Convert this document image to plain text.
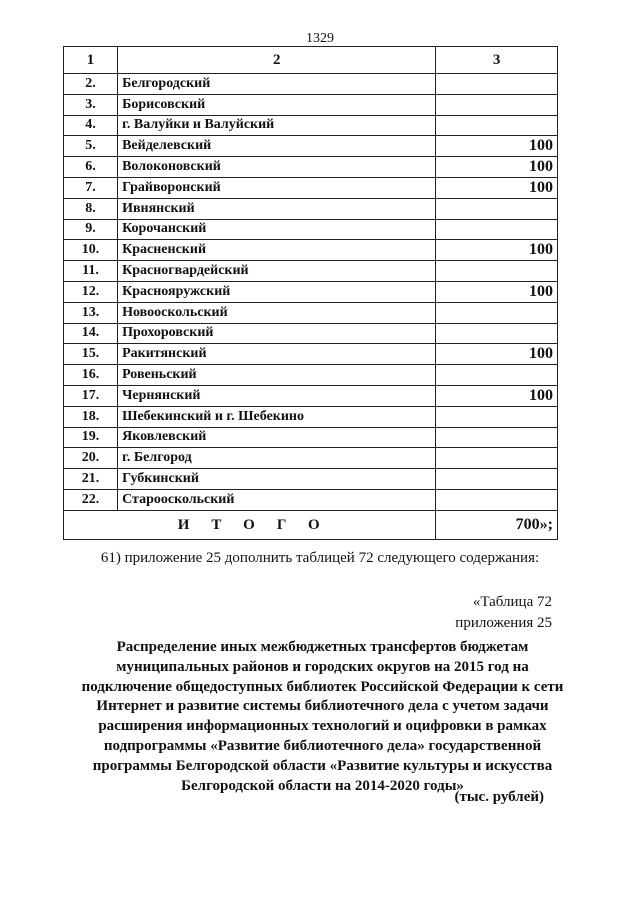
1329
1	2	3
2.	Белгородский	
3.	Борисовский	
4.	г. Валуйки и Валуйский	
5.	Вейделевский	100
6.	Волоконовский	100
7.	Грайворонский	100
8.	Ивнянский	
9.	Корочанский	
10.	Красненский	100
11.	Красногвардейский	
12.	Краснояружский	100
13.	Новооскольский	
14.	Прохоровский	
15.	Ракитянский	100
16.	Ровеньский	
17.	Чернянский	100
18.	Шебекинский и г. Шебекино	
19.	Яковлевский	
20.	г. Белгород	
21.	Губкинский	
22.	Старооскольский	
ИТОГО		700»;
61) приложение 25 дополнить таблицей 72 следующего содержания:
«Таблица 72
приложения 25
Распределение иных межбюджетных трансфертов бюджетам муниципальных районов и городских округов на 2015 год на подключение общедоступных библиотек Российской Федерации к сети Интернет и развитие системы библиотечного дела с учетом задачи расширения информационных технологий и оцифровки в рамках подпрограммы «Развитие библиотечного дела» государственной программы Белгородской области «Развитие культуры и искусства Белгородской области на 2014-2020 годы»
(тыс. рублей)
